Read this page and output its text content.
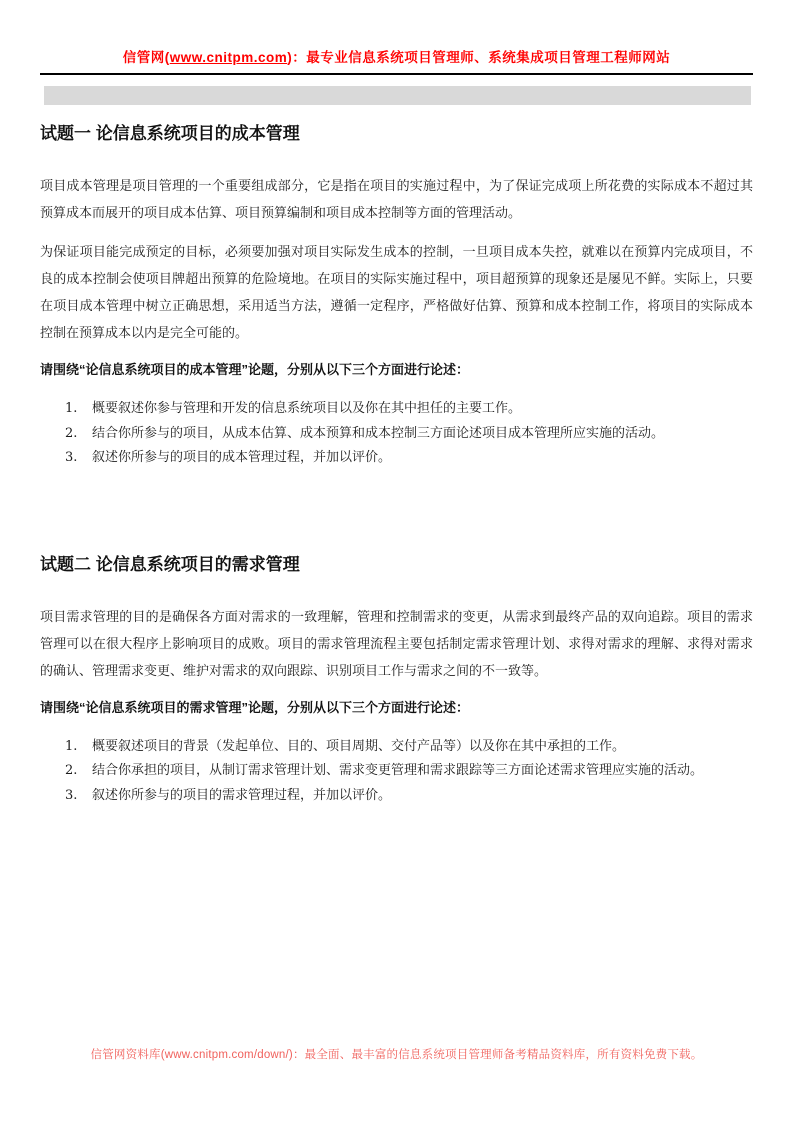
信管网(www.cnitpm.com)：最专业信息系统项目管理师、系统集成项目管理工程师网站
试题一 论信息系统项目的成本管理

项目成本管理是项目管理的一个重要组成部分，它是指在项目的实施过程中，为了保证完成项上所花费的实际成本不超过其预算成本而展开的项目成本估算、项目预算编制和项目成本控制等方面的管理活动。

为保证项目能完成预定的目标，必须要加强对项目实际发生成本的控制，一旦项目成本失控，就难以在预算内完成项目，不良的成本控制会使项目牌超出预算的危险境地。在项目的实际实施过程中，项目超预算的现象还是屡见不鲜。实际上，只要在项目成本管理中树立正确思想，采用适当方法，遵循一定程序，严格做好估算、预算和成本控制工作，将项目的实际成本控制在预算成本以内是完全可能的。

请围绕“论信息系统项目的成本管理”论题，分别从以下三个方面进行论述：

1.	概要叙述你参与管理和开发的信息系统项目以及你在其中担任的主要工作。
2.	结合你所参与的项目，从成本估算、成本预算和成本控制三方面论述项目成本管理所应实施的活动。
3.	叙述你所参与的项目的成本管理过程，并加以评价。
试题二 论信息系统项目的需求管理

项目需求管理的目的是确保各方面对需求的一致理解，管理和控制需求的变更，从需求到最终产品的双向追踪。项目的需求管理可以在很大程序上影响项目的成败。项目的需求管理流程主要包括制定需求管理计划、求得对需求的理解、求得对需求的确认、管理需求变更、维护对需求的双向跟踪、识别项目工作与需求之间的不一致等。

请围绕“论信息系统项目的需求管理”论题，分别从以下三个方面进行论述：

1.	概要叙述项目的背景（发起单位、目的、项目周期、交付产品等）以及你在其中承担的工作。
2.	结合你承担的项目，从制订需求管理计划、需求变更管理和需求跟踪等三方面论述需求管理应实施的活动。
3.	叙述你所参与的项目的需求管理过程，并加以评价。
信管网资料库(www.cnitpm.com/down/)：最全面、最丰富的信息系统项目管理师备考精品资料库，所有资料免费下载。
